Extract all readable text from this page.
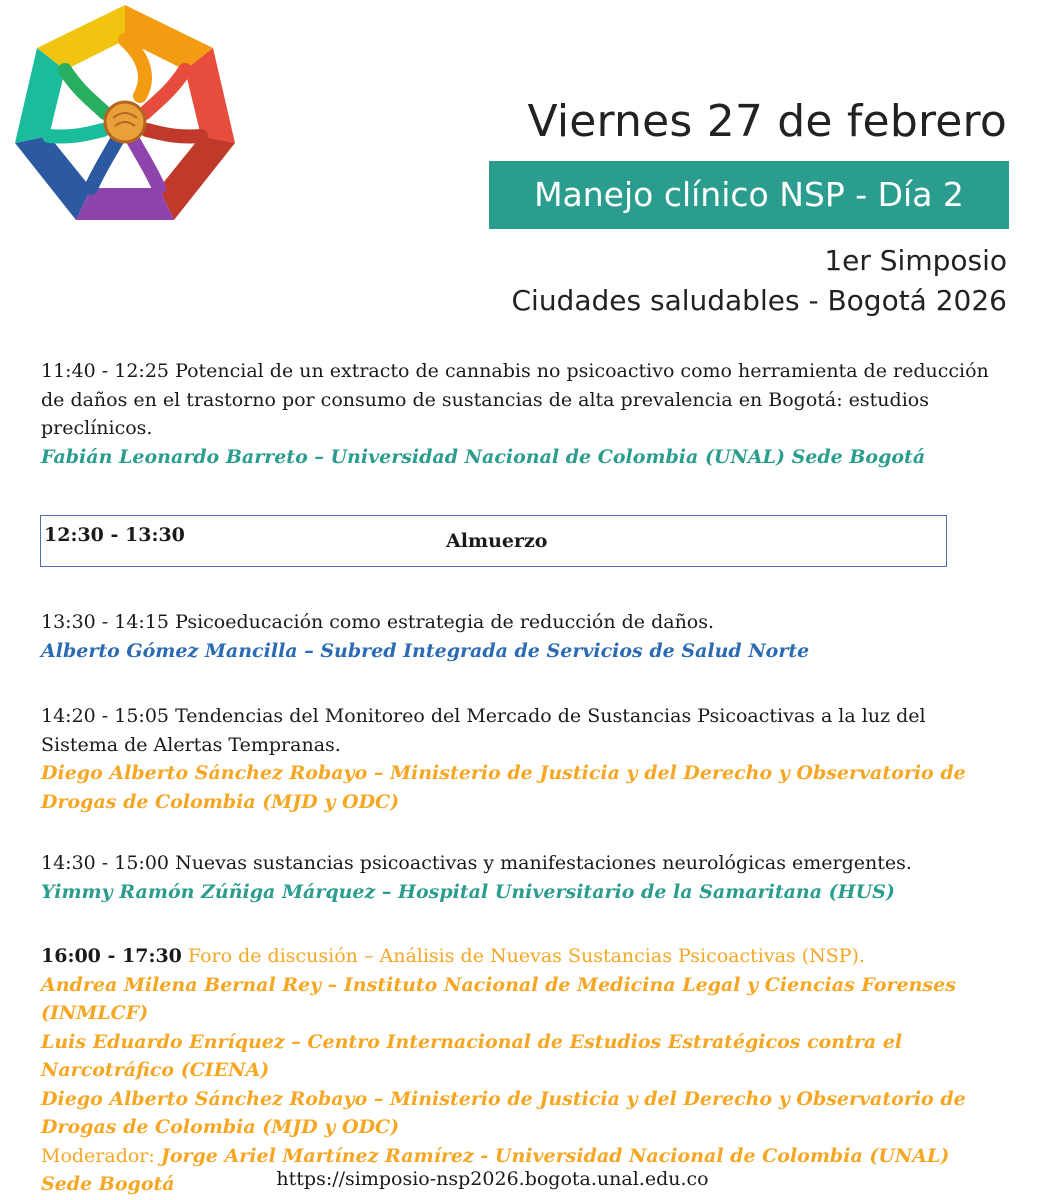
Viernes 27 de febrero
Manejo clínico NSP - Día 2
1er Simposio
Ciudades saludables - Bogotá 2026
11:40 - 12:25 Potencial de un extracto de cannabis no psicoactivo como herramienta de reducción de daños en el trastorno por consumo de sustancias de alta prevalencia en Bogotá: estudios preclínicos.
Fabián Leonardo Barreto – Universidad Nacional de Colombia (UNAL) Sede Bogotá
12:30 - 13:30	Almuerzo
13:30 - 14:15 Psicoeducación como estrategia de reducción de daños.
Alberto Gómez Mancilla – Subred Integrada de Servicios de Salud Norte
14:20 - 15:05 Tendencias del Monitoreo del Mercado de Sustancias Psicoactivas a la luz del Sistema de Alertas Tempranas.
Diego Alberto Sánchez Robayo – Ministerio de Justicia y del Derecho y Observatorio de Drogas de Colombia (MJD y ODC)
14:30 - 15:00 Nuevas sustancias psicoactivas y manifestaciones neurológicas emergentes.
Yimmy Ramón Zúñiga Márquez – Hospital Universitario de la Samaritana (HUS)
16:00 - 17:30 Foro de discusión – Análisis de Nuevas Sustancias Psicoactivas (NSP).
Andrea Milena Bernal Rey – Instituto Nacional de Medicina Legal y Ciencias Forenses (INMLCF)
Luis Eduardo Enríquez – Centro Internacional de Estudios Estratégicos contra el Narcotráfico (CIENA)
Diego Alberto Sánchez Robayo – Ministerio de Justicia y del Derecho y Observatorio de Drogas de Colombia (MJD y ODC)
Moderador: Jorge Ariel Martínez Ramírez - Universidad Nacional de Colombia (UNAL) Sede Bogotá	https://simposio-nsp2026.bogota.unal.edu.co
